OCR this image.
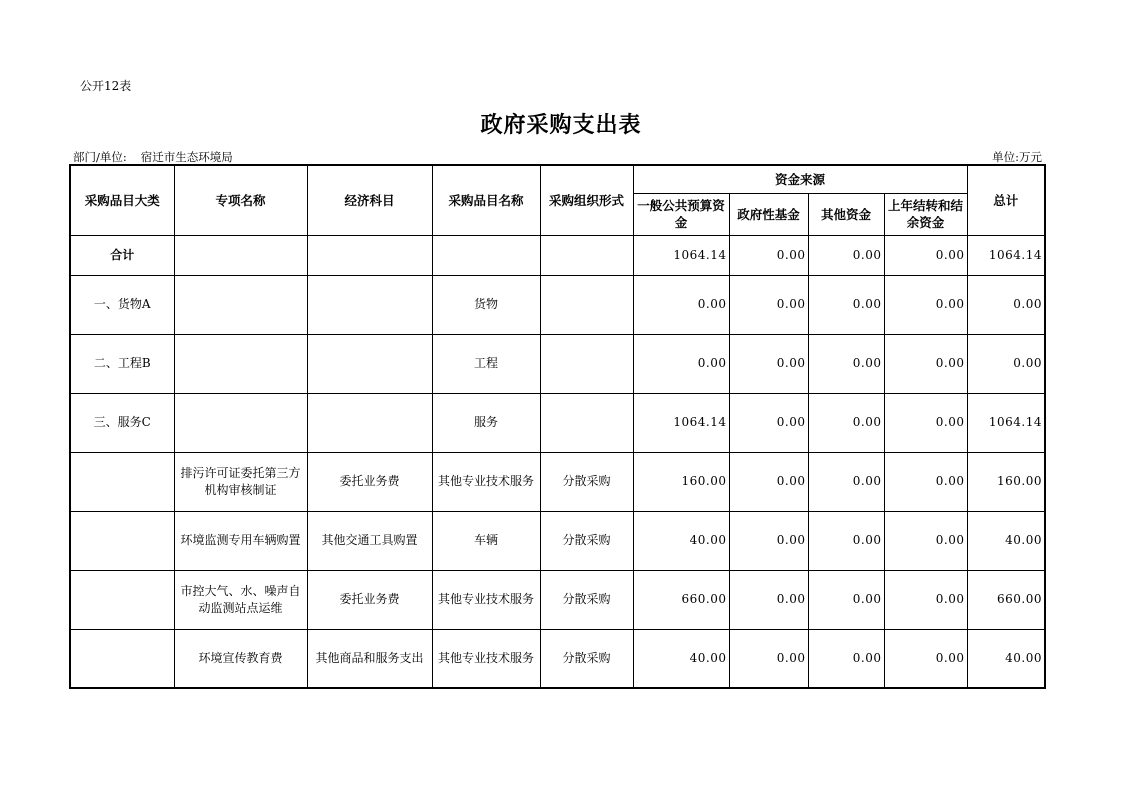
公开12表
政府采购支出表
部门/单位: 宿迁市生态环境局	单位:万元
采购品目大类	专项名称	经济科目	采购品目名称	采购组织形式	资金来源				总计
					一般公共预算资金	政府性基金	其他资金	上年结转和结余资金	
合计					1064.14	0.00	0.00	0.00	1064.14
一、货物A			货物		0.00	0.00	0.00	0.00	0.00
二、工程B			工程		0.00	0.00	0.00	0.00	0.00
三、服务C			服务		1064.14	0.00	0.00	0.00	1064.14
	排污许可证委托第三方机构审核制证	委托业务费	其他专业技术服务	分散采购	160.00	0.00	0.00	0.00	160.00
	环境监测专用车辆购置	其他交通工具购置	车辆	分散采购	40.00	0.00	0.00	0.00	40.00
	市控大气、水、噪声自动监测站点运维	委托业务费	其他专业技术服务	分散采购	660.00	0.00	0.00	0.00	660.00
	环境宣传教育费	其他商品和服务支出	其他专业技术服务	分散采购	40.00	0.00	0.00	0.00	40.00
